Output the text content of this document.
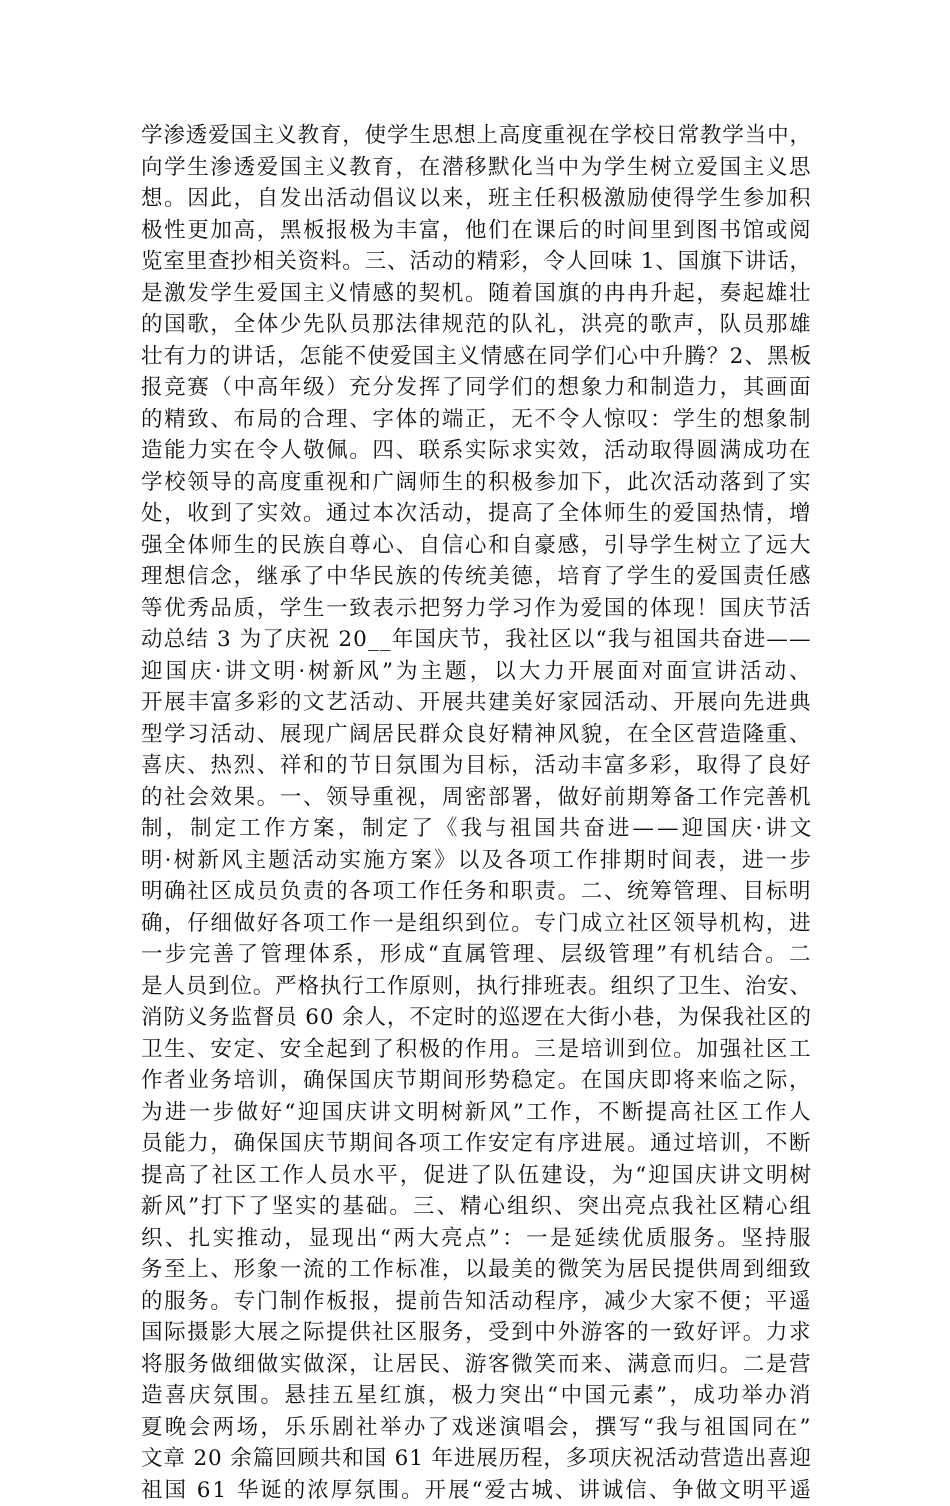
学渗透爱国主义教育，使学生思想上高度重视在学校日常教学当中，
向学生渗透爱国主义教育，在潜移默化当中为学生树立爱国主义思
想。因此，自发出活动倡议以来，班主任积极激励使得学生参加积
极性更加高，黑板报极为丰富，他们在课后的时间里到图书馆或阅
览室里查抄相关资料。三、活动的精彩，令人回味 1、国旗下讲话，
是激发学生爱国主义情感的契机。随着国旗的冉冉升起，奏起雄壮
的国歌，全体少先队员那法律规范的队礼，洪亮的歌声，队员那雄
壮有力的讲话，怎能不使爱国主义情感在同学们心中升腾？2、黑板
报竞赛（中高年级）充分发挥了同学们的想象力和制造力，其画面
的精致、布局的合理、字体的端正，无不令人惊叹：学生的想象制
造能力实在令人敬佩。四、联系实际求实效，活动取得圆满成功在
学校领导的高度重视和广阔师生的积极参加下，此次活动落到了实
处，收到了实效。通过本次活动，提高了全体师生的爱国热情，增
强全体师生的民族自尊心、自信心和自豪感，引导学生树立了远大
理想信念，继承了中华民族的传统美德，培育了学生的爱国责任感
等优秀品质，学生一致表示把努力学习作为爱国的体现！国庆节活
动总结 3 为了庆祝 20__年国庆节，我社区以“我与祖国共奋进——
迎国庆·讲文明·树新风”为主题，以大力开展面对面宣讲活动、
开展丰富多彩的文艺活动、开展共建美好家园活动、开展向先进典
型学习活动、展现广阔居民群众良好精神风貌，在全区营造隆重、
喜庆、热烈、祥和的节日氛围为目标，活动丰富多彩，取得了良好
的社会效果。一、领导重视，周密部署，做好前期筹备工作完善机
制，制定工作方案，制定了《我与祖国共奋进——迎国庆·讲文
明·树新风主题活动实施方案》以及各项工作排期时间表，进一步
明确社区成员负责的各项工作任务和职责。二、统筹管理、目标明
确，仔细做好各项工作一是组织到位。专门成立社区领导机构，进
一步完善了管理体系，形成“直属管理、层级管理”有机结合。二
是人员到位。严格执行工作原则，执行排班表。组织了卫生、治安、
消防义务监督员 60 余人，不定时的巡逻在大街小巷，为保我社区的
卫生、安定、安全起到了积极的作用。三是培训到位。加强社区工
作者业务培训，确保国庆节期间形势稳定。在国庆即将来临之际，
为进一步做好“迎国庆讲文明树新风”工作，不断提高社区工作人
员能力，确保国庆节期间各项工作安定有序进展。通过培训，不断
提高了社区工作人员水平，促进了队伍建设，为“迎国庆讲文明树
新风”打下了坚实的基础。三、精心组织、突出亮点我社区精心组
织、扎实推动，显现出“两大亮点”：一是延续优质服务。坚持服
务至上、形象一流的工作标准，以最美的微笑为居民提供周到细致
的服务。专门制作板报，提前告知活动程序，减少大家不便；平遥
国际摄影大展之际提供社区服务，受到中外游客的一致好评。力求
将服务做细做实做深，让居民、游客微笑而来、满意而归。二是营
造喜庆氛围。悬挂五星红旗，极力突出“中国元素”，成功举办消
夏晚会两场，乐乐剧社举办了戏迷演唱会，撰写“我与祖国同在”
文章 20 余篇回顾共和国 61 年进展历程，多项庆祝活动营造出喜迎
祖国 61 华诞的浓厚氛围。开展“爱古城、讲诚信、争做文明平遥
